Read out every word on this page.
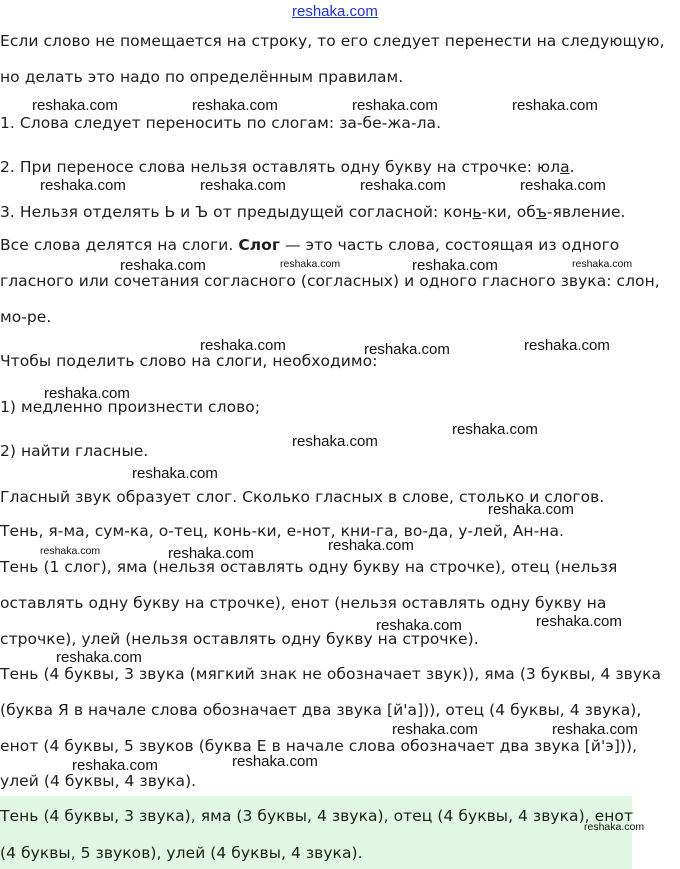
reshaka.com
Если слово не помещается на строку, то его следует перенести на следующую,
но делать это надо по определённым правилам.
1. Слова следует переносить по слогам: за-бе-жа-ла.
2. При переносе слова нельзя оставлять одну букву на строчке: юла.
3. Нельзя отделять Ь и Ъ от предыдущей согласной: конь-ки, объ-явление.
Все слова делятся на слоги. Слог — это часть слова, состоящая из одного
гласного или сочетания согласного (согласных) и одного гласного звука: слон,
мо-ре.
Чтобы поделить слово на слоги, необходимо:
1) медленно произнести слово;
2) найти гласные.
Гласный звук образует слог. Сколько гласных в слове, столько и слогов.
Тень, я-ма, сум-ка, о-тец, конь-ки, е-нот, кни-га, во-да, у-лей, Ан-на.
Тень (1 слог), яма (нельзя оставлять одну букву на строчке), отец (нельзя
оставлять одну букву на строчке), енот (нельзя оставлять одну букву на
строчке), улей (нельзя оставлять одну букву на строчке).
Тень (4 буквы, 3 звука (мягкий знак не обозначает звук)), яма (3 буквы, 4 звука
(буква Я в начале слова обозначает два звука [й'а])), отец (4 буквы, 4 звука),
енот (4 буквы, 5 звуков (буква Е в начале слова обозначает два звука [й'э])),
улей (4 буквы, 4 звука).
Тень (4 буквы, 3 звука), яма (3 буквы, 4 звука), отец (4 буквы, 4 звука), енот
(4 буквы, 5 звуков), улей (4 буквы, 4 звука).
reshaka.com	reshaka.com	reshaka.com	reshaka.com
reshaka.com	reshaka.com	reshaka.com	reshaka.com
reshaka.com	reshaka.com	reshaka.com	reshaka.com
reshaka.com	reshaka.com	reshaka.com
reshaka.com
reshaka.com
reshaka.com
reshaka.com
reshaka.com
reshaka.com	reshaka.com	reshaka.com
reshaka.com	reshaka.com
reshaka.com
reshaka.com	reshaka.com
reshaka.com	reshaka.com
reshaka.com
